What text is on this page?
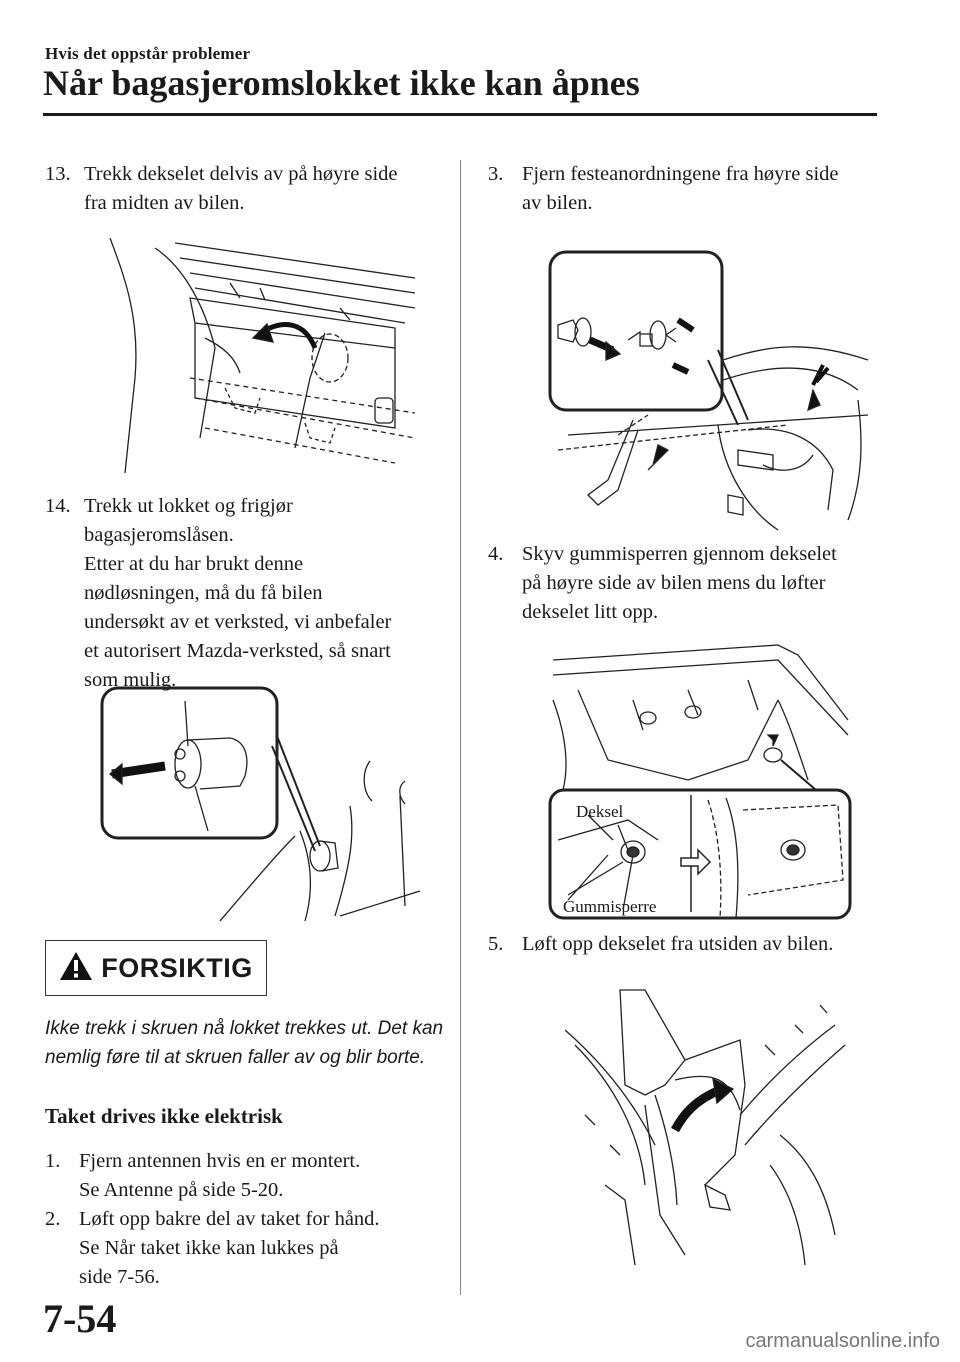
Hvis det oppstår problemer
Når bagasjeromslokket ikke kan åpnes
13. Trekk dekselet delvis av på høyre side

fra midten av bilen.

14. Trekk ut lokket og frigjør

bagasjeromslåsen.

Etter at du har brukt denne

nødløsningen, må du få bilen

undersøkt av et verksted, vi anbefaler

et autorisert Mazda-verksted, så snart

som mulig.

FORSIKTIG

Ikke trekk i skruen nå lokket trekkes ut. Det kan nemlig føre til at skruen faller av og blir borte.

Taket drives ikke elektrisk
1. Fjern antennen hvis en er montert.

Se Antenne på side 5-20.

2. Løft opp bakre del av taket for hånd.

Se Når taket ikke kan lukkes på

side 7-56.

3. Fjern festeanordningene fra høyre side

av bilen.

4. Skyv gummisperren gjennom dekselet

på høyre side av bilen mens du løfter

dekselet litt opp.

Deksel
Gummisperre
5. Løft opp dekselet fra utsiden av bilen.

7-54	carmanualsonline.info
